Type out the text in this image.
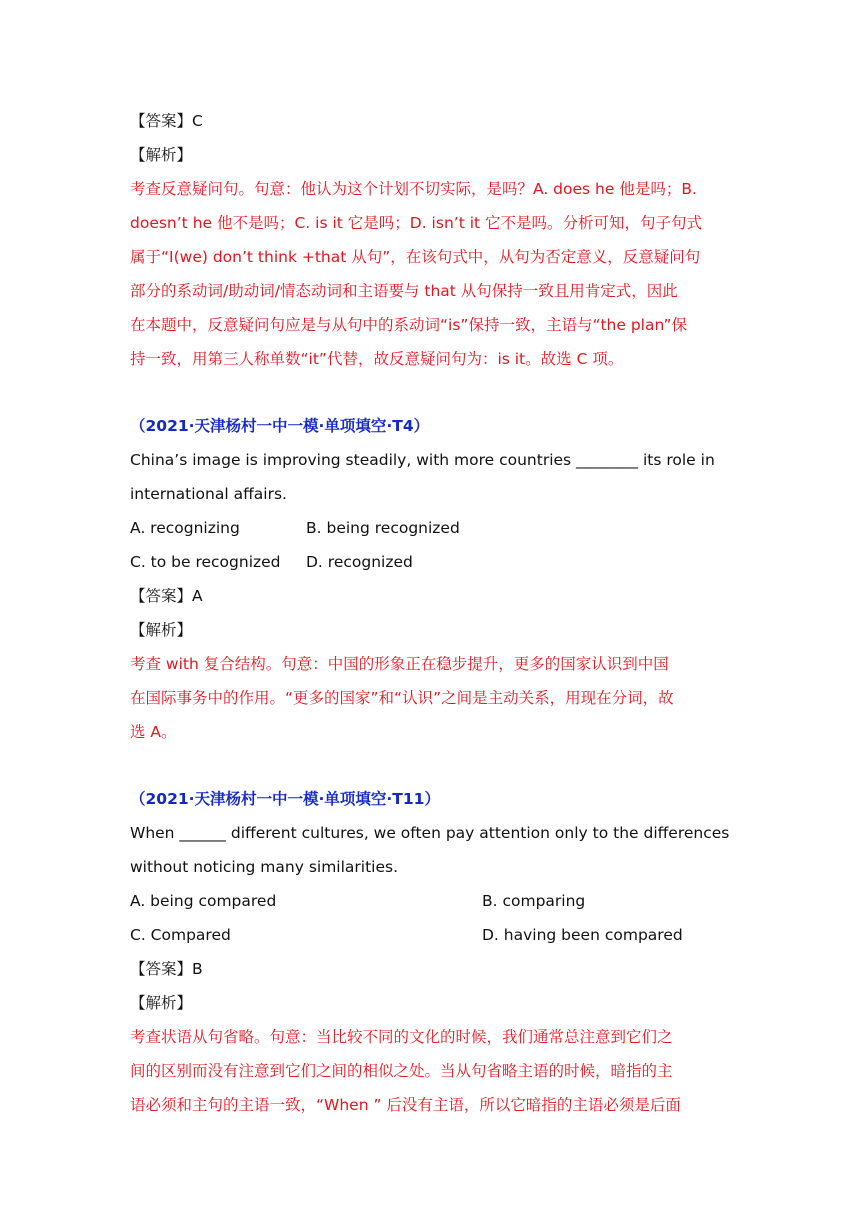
【答案】C
【解析】
考查反意疑问句。句意：他认为这个计划不切实际，是吗？A. does he 他是吗；B.
doesn’t he 他不是吗；C. is it 它是吗；D. isn’t it 它不是吗。分析可知，句子句式
属于“I(we) don’t think +that 从句”，在该句式中，从句为否定意义，反意疑问句
部分的系动词/助动词/情态动词和主语要与 that 从句保持一致且用肯定式，因此
在本题中，反意疑问句应是与从句中的系动词“is”保持一致，主语与“the plan”保
持一致，用第三人称单数“it”代替，故反意疑问句为：is it。故选 C 项。
（2021·天津杨村一中一模·单项填空·T4）
China’s image is improving steadily, with more countries ________ its role in
international affairs.
A. recognizing	B. being recognized
C. to be recognized	D. recognized
【答案】A
【解析】
考查 with 复合结构。句意：中国的形象正在稳步提升，更多的国家认识到中国
在国际事务中的作用。“更多的国家”和“认识”之间是主动关系，用现在分词，故
选 A。
（2021·天津杨村一中一模·单项填空·T11）
When ______ different cultures, we often pay attention only to the differences
without noticing many similarities.
A. being compared	B. comparing
C. Compared	D. having been compared
【答案】B
【解析】
考查状语从句省略。句意：当比较不同的文化的时候，我们通常总注意到它们之
间的区别而没有注意到它们之间的相似之处。当从句省略主语的时候，暗指的主
语必须和主句的主语一致，“When ” 后没有主语，所以它暗指的主语必须是后面
